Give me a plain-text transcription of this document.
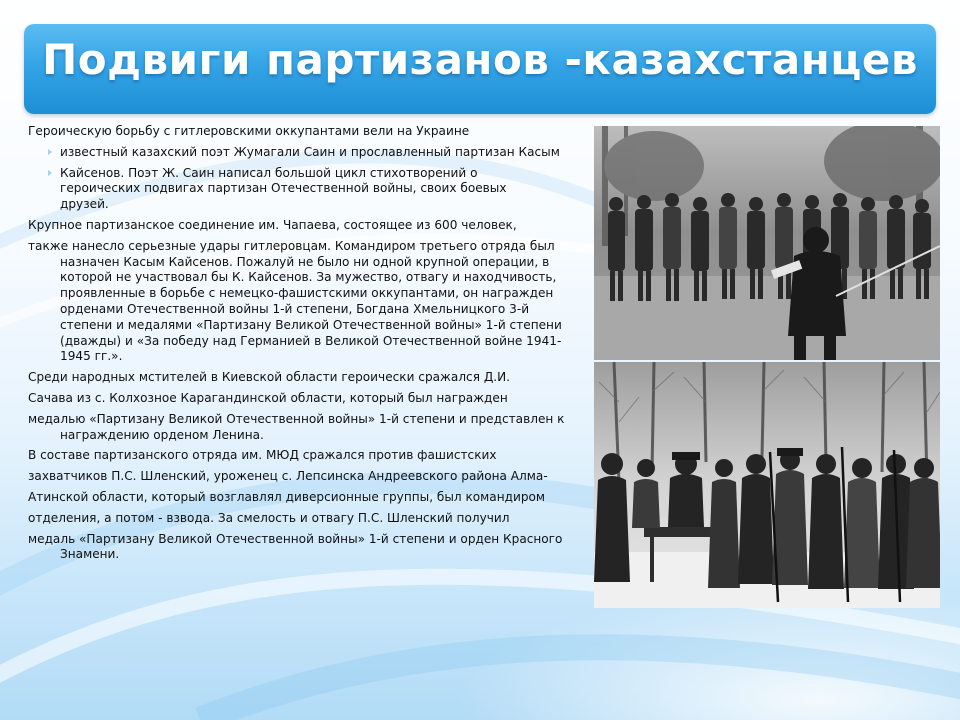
Подвиги партизанов -казахстанцев
Героическую борьбу с гитлеровскими оккупантами вели на Украине
известный казахский поэт Жумагали Саин и прославленный партизан Касым
Кайсенов. Поэт Ж. Саин написал большой цикл стихотворений о
героических подвигах партизан Отечественной войны, своих боевых
друзей.
Крупное партизанское соединение им. Чапаева, состоящее из 600 человек,
также нанесло серьезные удары гитлеровцам. Командиром третьего отряда был назначен Касым Кайсенов. Пожалуй не было ни одной крупной операции, в которой не участвовал бы К. Кайсенов. За мужество, отвагу и находчивость, проявленные в борьбе с немецко-фашистскими оккупантами, он награжден орденами Отечественной войны 1-й степени, Богдана Хмельницкого 3-й степени и медалями «Партизану Великой Отечественной войны» 1-й степени (дважды) и «За победу над Германией в Великой Отечественной войне 1941-1945 гг.».
Среди народных мстителей в Киевской области героически сражался Д.И.
Сачава из с. Колхозное Карагандинской области, который был награжден
медалью «Партизану Великой Отечественной войны» 1-й степени и представлен к награждению орденом Ленина.
В составе партизанского отряда им. МЮД сражался против фашистских
захватчиков П.С. Шленский, уроженец с. Лепсинска Андреевского района Алма-
Атинской области, который возглавлял диверсионные группы, был командиром
отделения, а потом - взвода. За смелость и отвагу П.С. Шленский получил
медаль «Партизану Великой Отечественной войны» 1-й степени и орден Красного Знамени.
